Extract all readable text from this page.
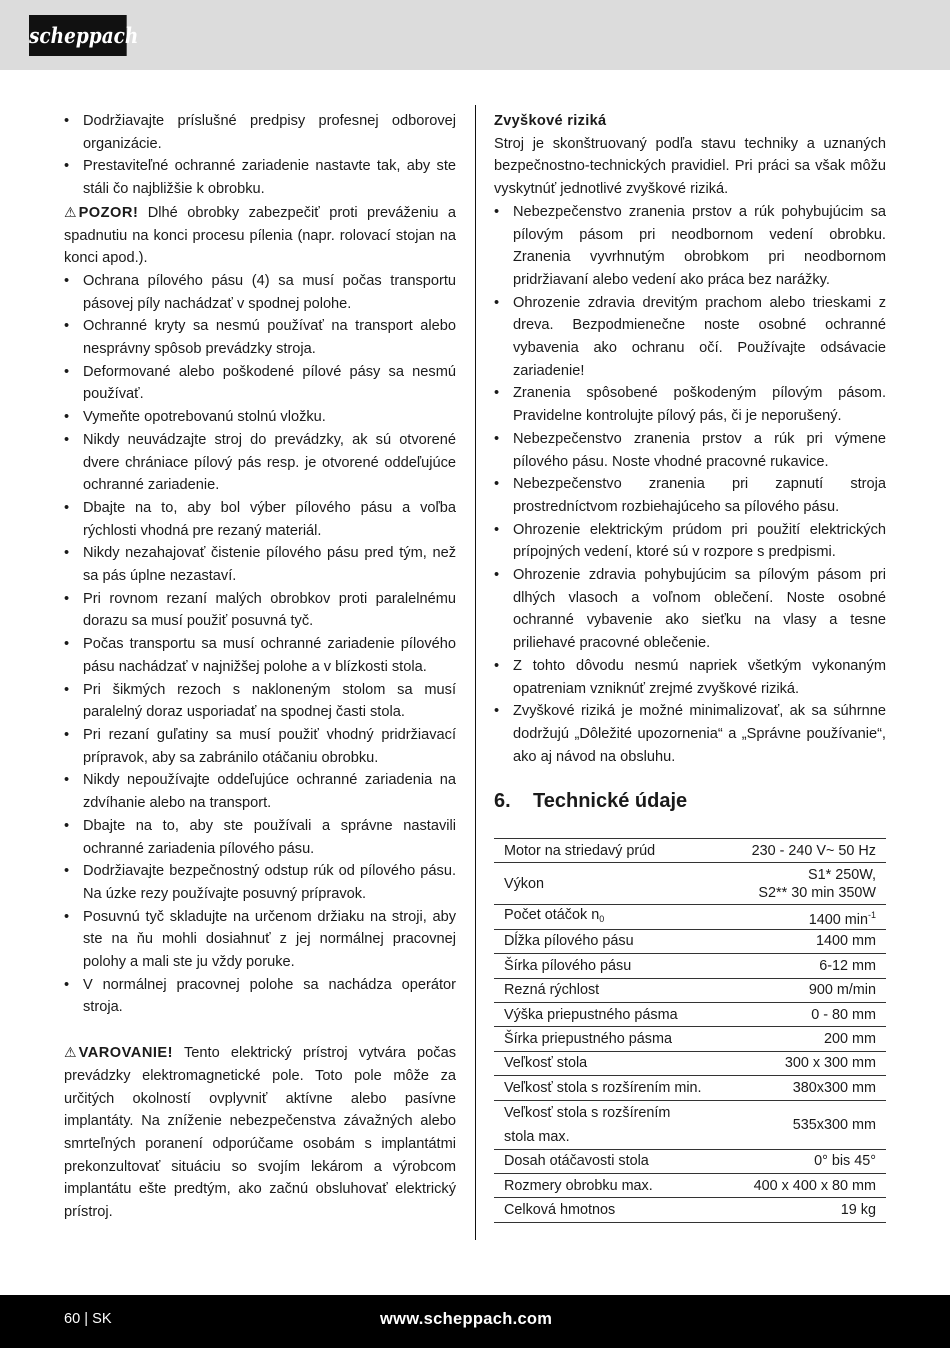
scheppach
• Dodržiavajte príslušné predpisy profesnej odborovej organizácie.
• Prestaviteľné ochranné zariadenie nastavte tak, aby ste stáli čo najbližšie k obrobku.

⚠ POZOR! Dlhé obrobky zabezpečiť proti preváženiu a spadnutiu na konci procesu pílenia (napr. rolovací stojan na konci apod.).

• Ochrana pílového pásu (4) sa musí počas transportu pásovej píly nachádzať v spodnej polohe.
• Ochranné kryty sa nesmú používať na transport alebo nesprávny spôsob prevádzky stroja.
• Deformované alebo poškodené pílové pásy sa nesmú používať.
• Vymeňte opotrebovanú stolnú vložku.
• Nikdy neuvádzajte stroj do prevádzky, ak sú otvorené dvere chrániace pílový pás resp. je otvorené oddeľujúce ochranné zariadenie.
• Dbajte na to, aby bol výber pílového pásu a voľba rýchlosti vhodná pre rezaný materiál.
• Nikdy nezahajovať čistenie pílového pásu pred tým, než sa pás úplne nezastaví.
• Pri rovnom rezaní malých obrobkov proti paralelnému dorazu sa musí použiť posuvná tyč.
• Počas transportu sa musí ochranné zariadenie pílového pásu nachádzať v najnižšej polohe a v blízkosti stola.
• Pri šikmých rezoch s nakloneným stolom sa musí paralelný doraz usporiadať na spodnej časti stola.
• Pri rezaní guľatiny sa musí použiť vhodný pridržiavací prípravok, aby sa zabránilo otáčaniu obrobku.
• Nikdy nepoužívajte oddeľujúce ochranné zariadenia na zdvíhanie alebo na transport.
• Dbajte na to, aby ste používali a správne nastavili ochranné zariadenia pílového pásu.
• Dodržiavajte bezpečnostný odstup rúk od pílového pásu. Na úzke rezy používajte posuvný prípravok.
• Posuvnú tyč skladujte na určenom držiaku na stroji, aby ste na ňu mohli dosiahnuť z jej normálnej pracovnej polohy a mali ste ju vždy poruke.
• V normálnej pracovnej polohe sa nachádza operátor stroja.

⚠ VAROVANIE! Tento elektrický prístroj vytvára počas prevádzky elektromagnetické pole. Toto pole môže za určitých okolností ovplyvniť aktívne alebo pasívne implantáty. Na zníženie nebezpečenstva závažných alebo smrteľných poranení odporúčame osobám s implantátmi prekonzultovať situáciu so svojím lekárom a výrobcom implantátu ešte predtým, ako začnú obsluhovať elektrický prístroj.

Zvyškové riziká

Stroj je skonštruovaný podľa stavu techniky a uznaných bezpečnostno-technických pravidiel. Pri práci sa však môžu vyskytnúť jednotlivé zvyškové riziká.

• Nebezpečenstvo zranenia prstov a rúk pohybujúcim sa pílovým pásom pri neodbornom vedení obrobku. Zranenia vyvrhnutým obrobkom pri neodbornom pridržiavaní alebo vedení ako práca bez narážky.
• Ohrozenie zdravia drevitým prachom alebo trieskami z dreva. Bezpodmienečne noste osobné ochranné vybavenia ako ochranu očí. Používajte odsávacie zariadenie!
• Zranenia spôsobené poškodeným pílovým pásom. Pravidelne kontrolujte pílový pás, či je neporušený.
• Nebezpečenstvo zranenia prstov a rúk pri výmene pílového pásu. Noste vhodné pracovné rukavice.
• Nebezpečenstvo zranenia pri zapnutí stroja prostredníctvom rozbiehajúceho sa pílového pásu.
• Ohrozenie elektrickým prúdom pri použití elektrických prípojných vedení, ktoré sú v rozpore s predpismi.
• Ohrozenie zdravia pohybujúcim sa pílovým pásom pri dlhých vlasoch a voľnom oblečení. Noste osobné ochranné vybavenie ako sieťku na vlasy a tesne priliehavé pracovné oblečenie.
• Z tohto dôvodu nesmú napriek všetkým vykonaným opatreniam vzniknúť zrejmé zvyškové riziká.
• Zvyškové riziká je možné minimalizovať, ak sa súhrnne dodržujú „Dôležité upozornenia“ a „Správne používanie“, ako aj návod na obsluhu.
6.	Technické údaje
Motor na striedavý prúd	230 - 240 V~ 50 Hz
Výkon	S1* 250W,
S2** 30 min 350W

Počet otáčok $n_0$	1400 $\min^{-1}$
Dĺžka pílového pásu	1400 mm
Šírka pílového pásu	6-12 mm
Rezná rýchlost	900 m/min
Výška priepustného pásma	0 - 80 mm
Šírka priepustného pásma	200 mm
Veľkosť stola	300 x 300 mm
Veľkosť stola s rozšírením min.	380x300 mm

Veľkosť stola s rozšírením
stola max.	535x300 mm
Dosah otáčavosti stola	0° bis 45°
Rozmery obrobku max.	400 x 400 x 80 mm
Celková hmotnos	19 kg
60 | SK	www.scheppach.com
